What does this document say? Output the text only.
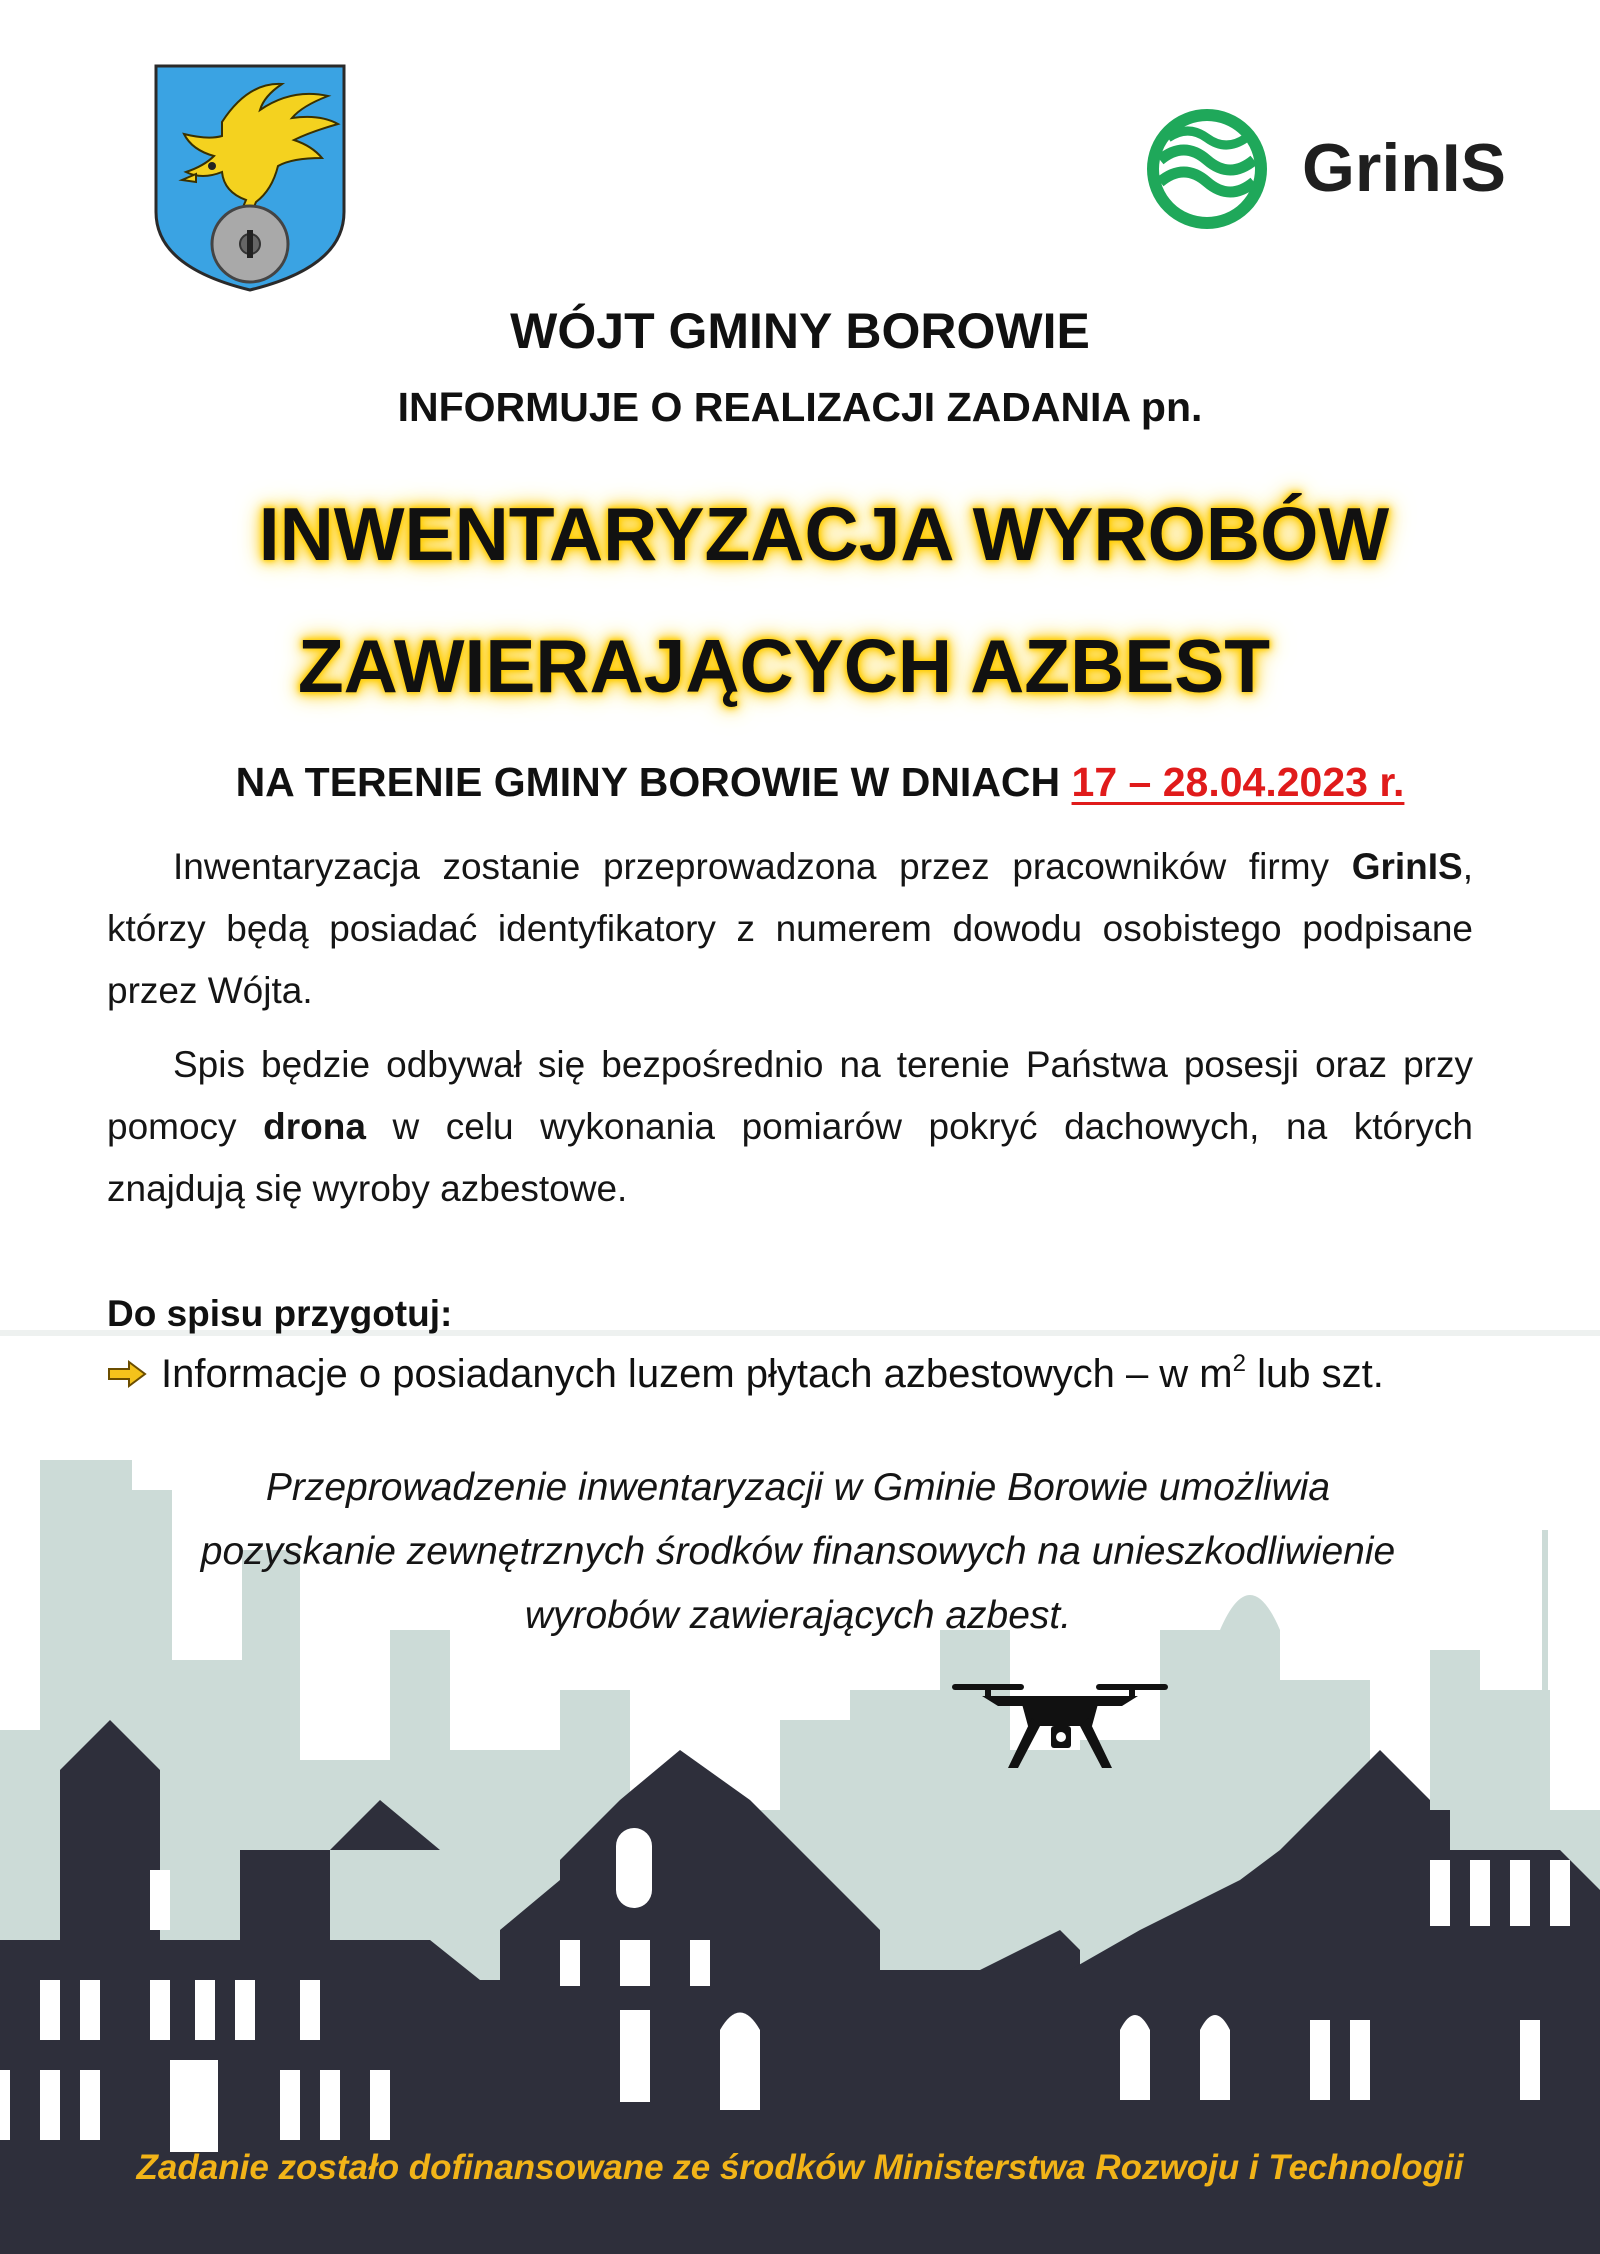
GrinIS
WÓJT GMINY BOROWIE
INFORMUJE O REALIZACJI ZADANIA pn.
INWENTARYZACJA WYROBÓW
ZAWIERAJĄCYCH AZBEST
NA TERENIE GMINY BOROWIE W DNIACH 17 – 28.04.2023 r.
Inwentaryzacja zostanie przeprowadzona przez pracowników firmy GrinIS, którzy będą posiadać identyfikatory z numerem dowodu osobistego podpisane przez Wójta.
Spis będzie odbywał się bezpośrednio na terenie Państwa posesji oraz przy pomocy drona w celu wykonania pomiarów pokryć dachowych, na których znajdują się wyroby azbestowe.
Do spisu przygotuj:
Informacje o posiadanych luzem płytach azbestowych – w $m^2$ lub szt.
Przeprowadzenie inwentaryzacji w Gminie Borowie umożliwia
pozyskanie zewnętrznych środków finansowych na unieszkodliwienie
wyrobów zawierających azbest.
Zadanie zostało dofinansowane ze środków Ministerstwa Rozwoju i Technologii
